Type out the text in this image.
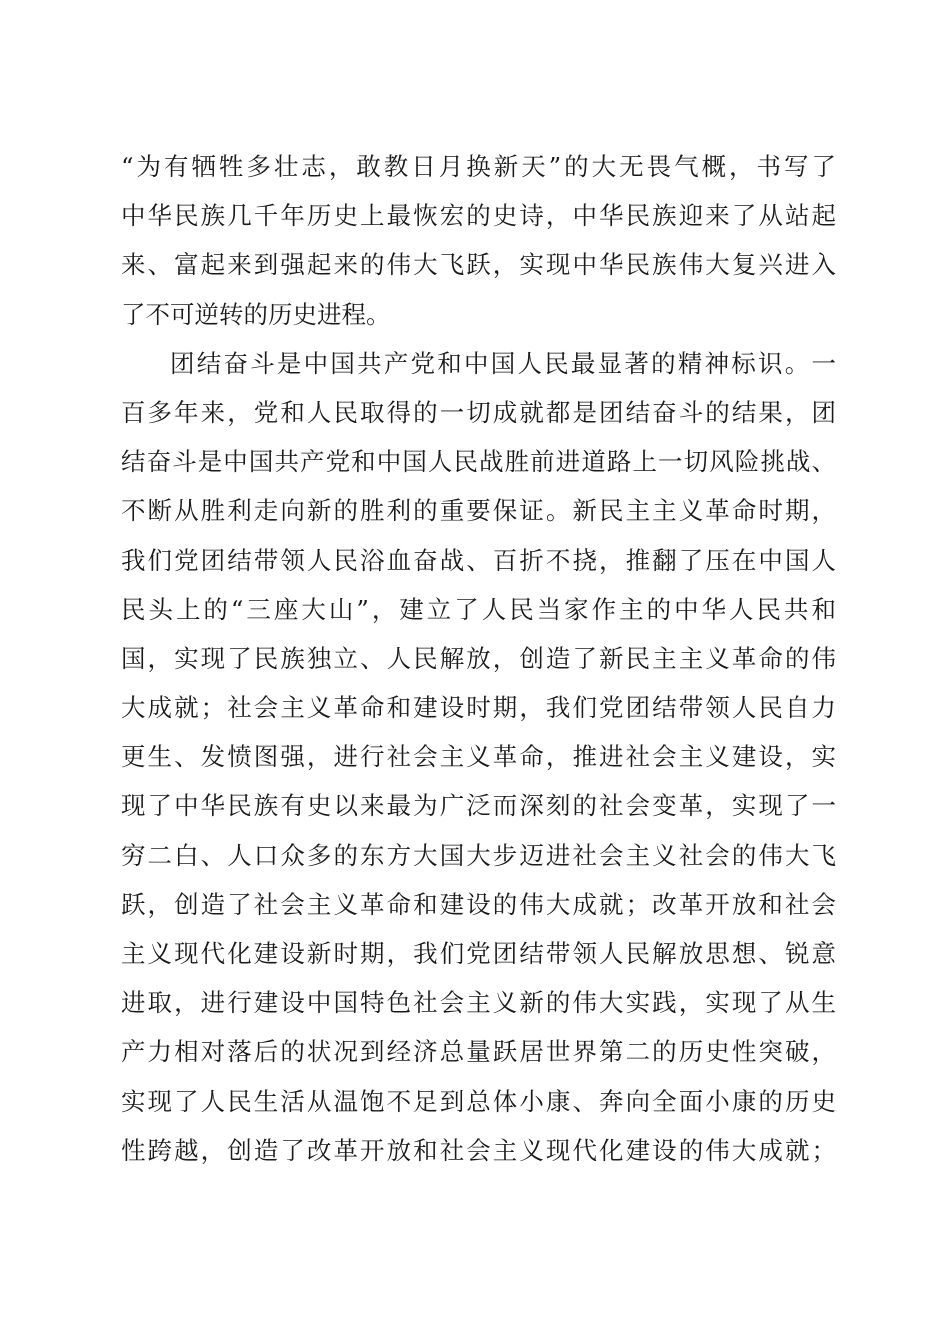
“为有牺牲多壮志，敢教日月换新天”的大无畏气概，书写了
中华民族几千年历史上最恢宏的史诗，中华民族迎来了从站起
来、富起来到强起来的伟大飞跃，实现中华民族伟大复兴进入
了不可逆转的历史进程。
团结奋斗是中国共产党和中国人民最显著的精神标识。一
百多年来，党和人民取得的一切成就都是团结奋斗的结果，团
结奋斗是中国共产党和中国人民战胜前进道路上一切风险挑战、
不断从胜利走向新的胜利的重要保证。新民主主义革命时期，
我们党团结带领人民浴血奋战、百折不挠，推翻了压在中国人
民头上的“三座大山”，建立了人民当家作主的中华人民共和
国，实现了民族独立、人民解放，创造了新民主主义革命的伟
大成就；社会主义革命和建设时期，我们党团结带领人民自力
更生、发愤图强，进行社会主义革命，推进社会主义建设，实
现了中华民族有史以来最为广泛而深刻的社会变革，实现了一
穷二白、人口众多的东方大国大步迈进社会主义社会的伟大飞
跃，创造了社会主义革命和建设的伟大成就；改革开放和社会
主义现代化建设新时期，我们党团结带领人民解放思想、锐意
进取，进行建设中国特色社会主义新的伟大实践，实现了从生
产力相对落后的状况到经济总量跃居世界第二的历史性突破，
实现了人民生活从温饱不足到总体小康、奔向全面小康的历史
性跨越，创造了改革开放和社会主义现代化建设的伟大成就；
